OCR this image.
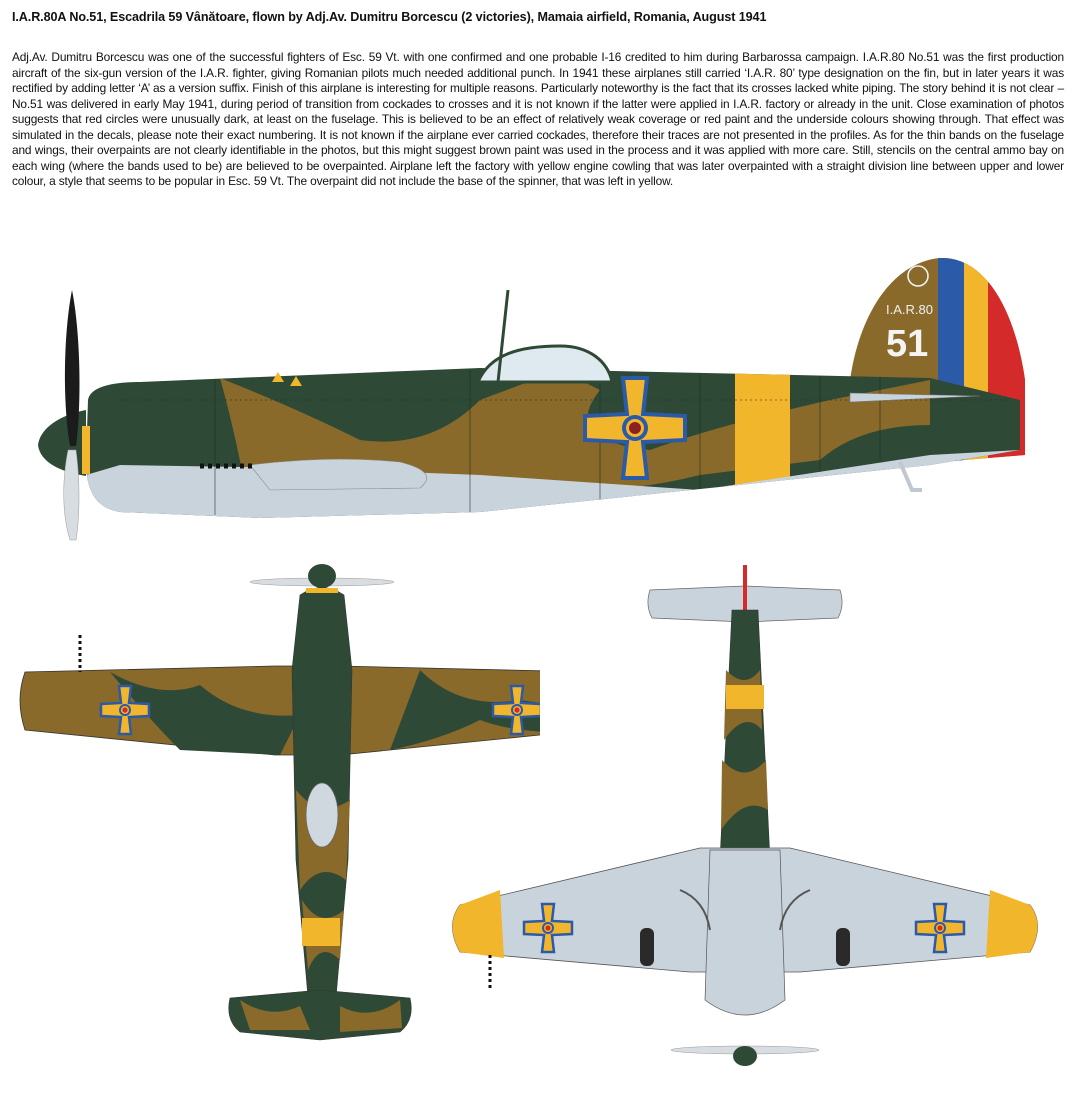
I.A.R.80A No.51, Escadrila 59 Vânătoare, flown by Adj.Av. Dumitru Borcescu (2 victories), Mamaia airfield, Romania, August 1941
Adj.Av. Dumitru Borcescu was one of the successful fighters of Esc. 59 Vt. with one confirmed and one probable I-16 credited to him during Barbarossa campaign. I.A.R.80 No.51 was the first production aircraft of the six-gun version of the I.A.R. fighter, giving Romanian pilots much needed additional punch. In 1941 these airplanes still carried ‘I.A.R. 80’ type designation on the fin, but in later years it was rectified by adding letter ‘A’ as a version suffix. Finish of this airplane is interesting for multiple reasons. Particularly noteworthy is the fact that its crosses lacked white piping. The story behind it is not clear – No.51 was delivered in early May 1941, during period of transition from cockades to crosses and it is not known if the latter were applied in I.A.R. factory or already in the unit. Close examination of photos suggests that red circles were unusually dark, at least on the fuselage. This is believed to be an effect of relatively weak coverage or red paint and the underside colours showing through. That effect was simulated in the decals, please note their exact numbering. It is not known if the airplane ever carried cockades, therefore their traces are not presented in the profiles. As for the thin bands on the fuselage and wings, their overpaints are not clearly identifiable in the photos, but this might suggest brown paint was used in the process and it was applied with more care. Still, stencils on the central ammo bay on each wing (where the bands used to be) are believed to be overpainted. Airplane left the factory with yellow engine cowling that was later overpainted with a straight division line between upper and lower colour, a style that seems to be popular in Esc. 59 Vt. The overpaint did not include the base of the spinner, that was left in yellow.
I.A.R.80
51
